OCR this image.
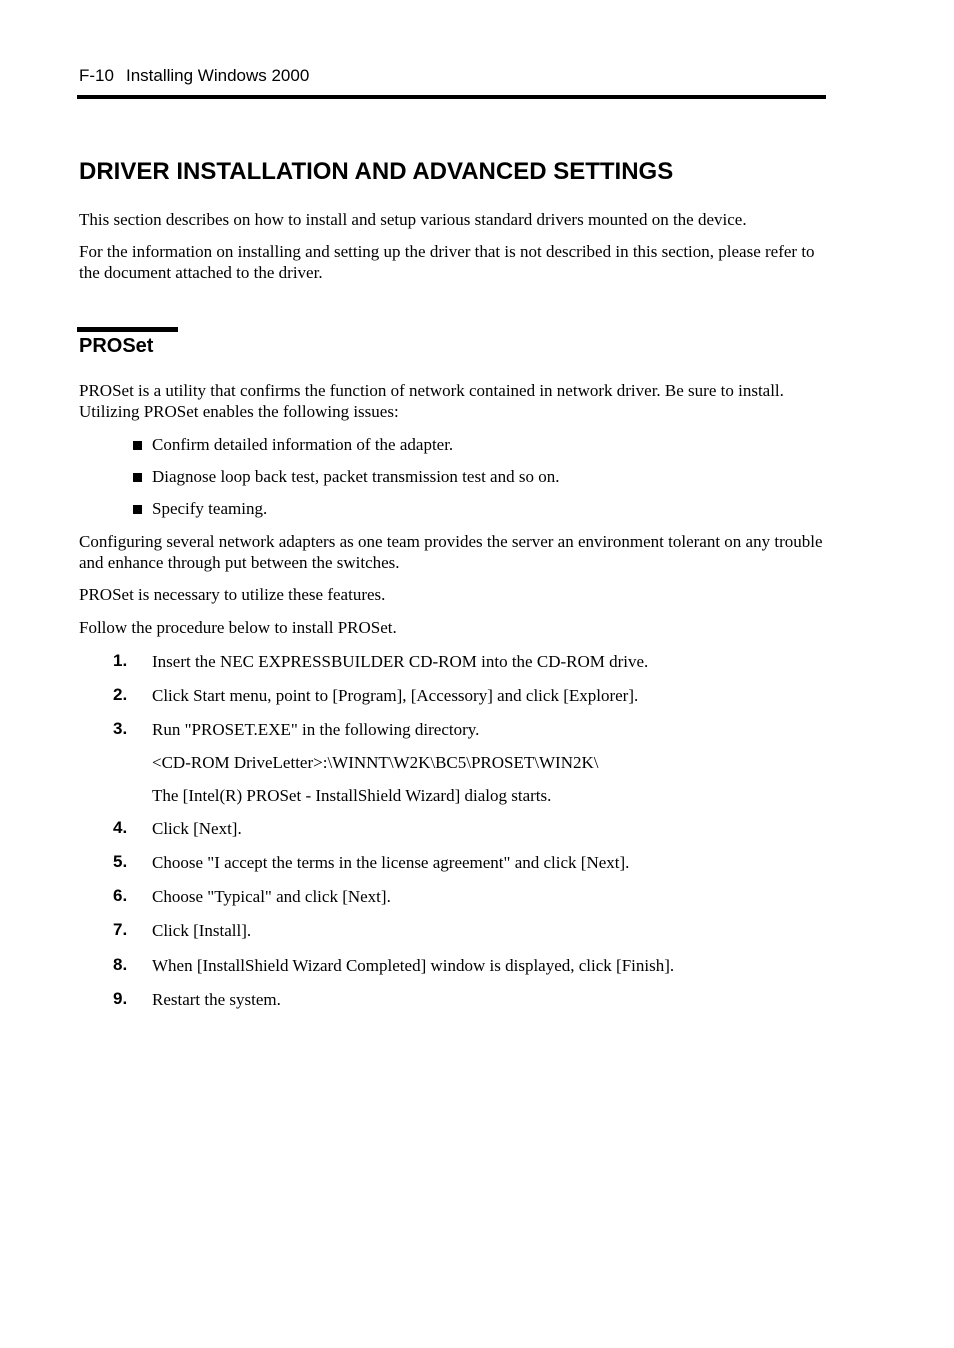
F-10 Installing Windows 2000
DRIVER INSTALLATION AND ADVANCED SETTINGS

This section describes on how to install and setup various standard drivers mounted on the device.

For the information on installing and setting up the driver that is not described in this section, please refer to the document attached to the driver.

PROSet

PROSet is a utility that confirms the function of network contained in network driver. Be sure to install. Utilizing PROSet enables the following issues:

Confirm detailed information of the adapter.
Diagnose loop back test, packet transmission test and so on.
Specify teaming.

Configuring several network adapters as one team provides the server an environment tolerant on any trouble and enhance through put between the switches.

PROSet is necessary to utilize these features.

Follow the procedure below to install PROSet.

1. Insert the NEC EXPRESSBUILDER CD-ROM into the CD-ROM drive.
2. Click Start menu, point to [Program], [Accessory] and click [Explorer].
3. Run "PROSET.EXE" in the following directory.
<CD-ROM DriveLetter>:\WINNT\W2K\BC5\PROSET\WIN2K\
The [Intel(R) PROSet - InstallShield Wizard] dialog starts.
4. Click [Next].
5. Choose "I accept the terms in the license agreement" and click [Next].
6. Choose "Typical" and click [Next].
7. Click [Install].
8. When [InstallShield Wizard Completed] window is displayed, click [Finish].
9. Restart the system.
